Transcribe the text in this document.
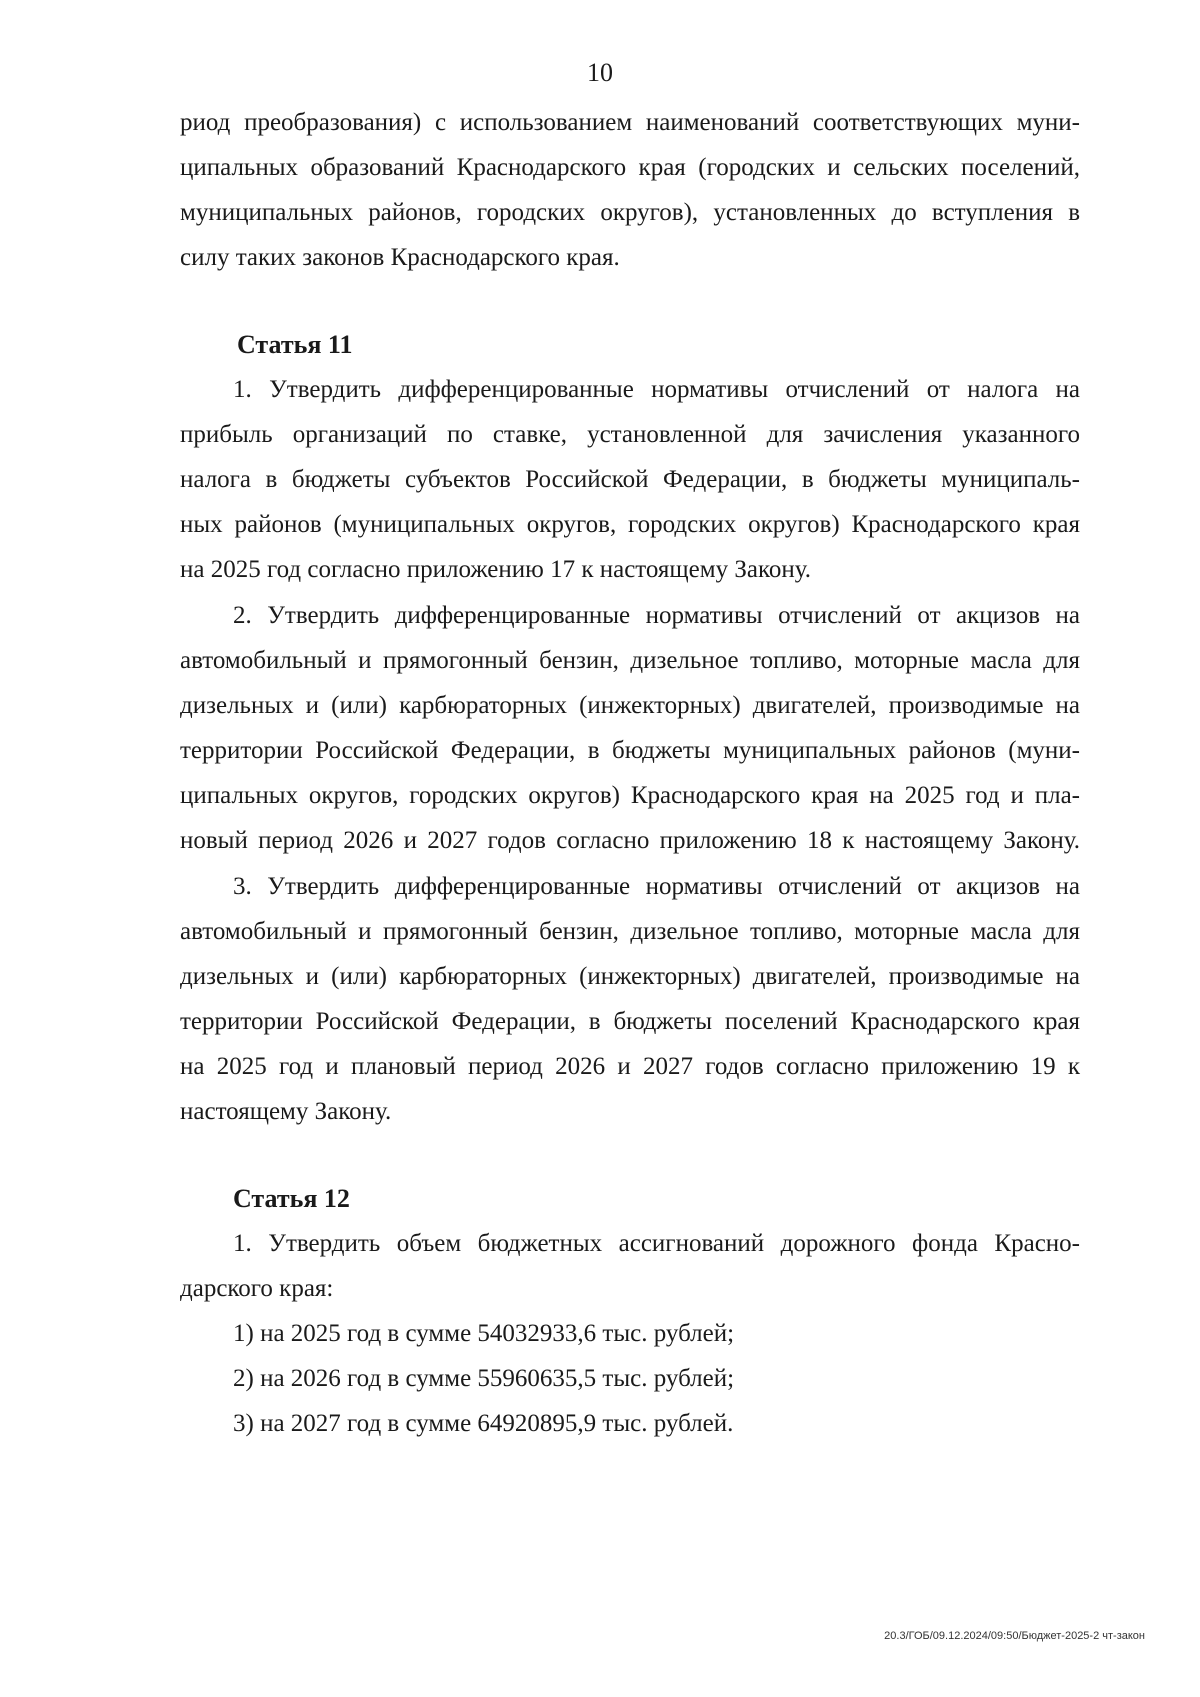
10

риод преобразования) с использованием наименований соответствующих муни-

ципальных образований Краснодарского края (городских и сельских поселений,

муниципальных районов, городских округов), установленных до вступления в

силу таких законов Краснодарского края.

Статья 11

1. Утвердить дифференцированные нормативы отчислений от налога на

прибыль организаций по ставке, установленной для зачисления указанного

налога в бюджеты субъектов Российской Федерации, в бюджеты муниципаль-

ных районов (муниципальных округов, городских округов) Краснодарского края

на 2025 год согласно приложению 17 к настоящему Закону.

2. Утвердить дифференцированные нормативы отчислений от акцизов на

автомобильный и прямогонный бензин, дизельное топливо, моторные масла для

дизельных и (или) карбюраторных (инжекторных) двигателей, производимые на

территории Российской Федерации, в бюджеты муниципальных районов (муни-

ципальных округов, городских округов) Краснодарского края на 2025 год и пла-

новый период 2026 и 2027 годов согласно приложению 18 к настоящему Закону.

3. Утвердить дифференцированные нормативы отчислений от акцизов на

автомобильный и прямогонный бензин, дизельное топливо, моторные масла для

дизельных и (или) карбюраторных (инжекторных) двигателей, производимые на

территории Российской Федерации, в бюджеты поселений Краснодарского края

на 2025 год и плановый период 2026 и 2027 годов согласно приложению 19 к

настоящему Закону.

Статья 12

1. Утвердить объем бюджетных ассигнований дорожного фонда Красно-

дарского края:

1) на 2025 год в сумме 54032933,6 тыс. рублей;

2) на 2026 год в сумме 55960635,5 тыс. рублей;

3) на 2027 год в сумме 64920895,9 тыс. рублей.

20.3/ГОБ/09.12.2024/09:50/Бюджет-2025-2 чт-закон
